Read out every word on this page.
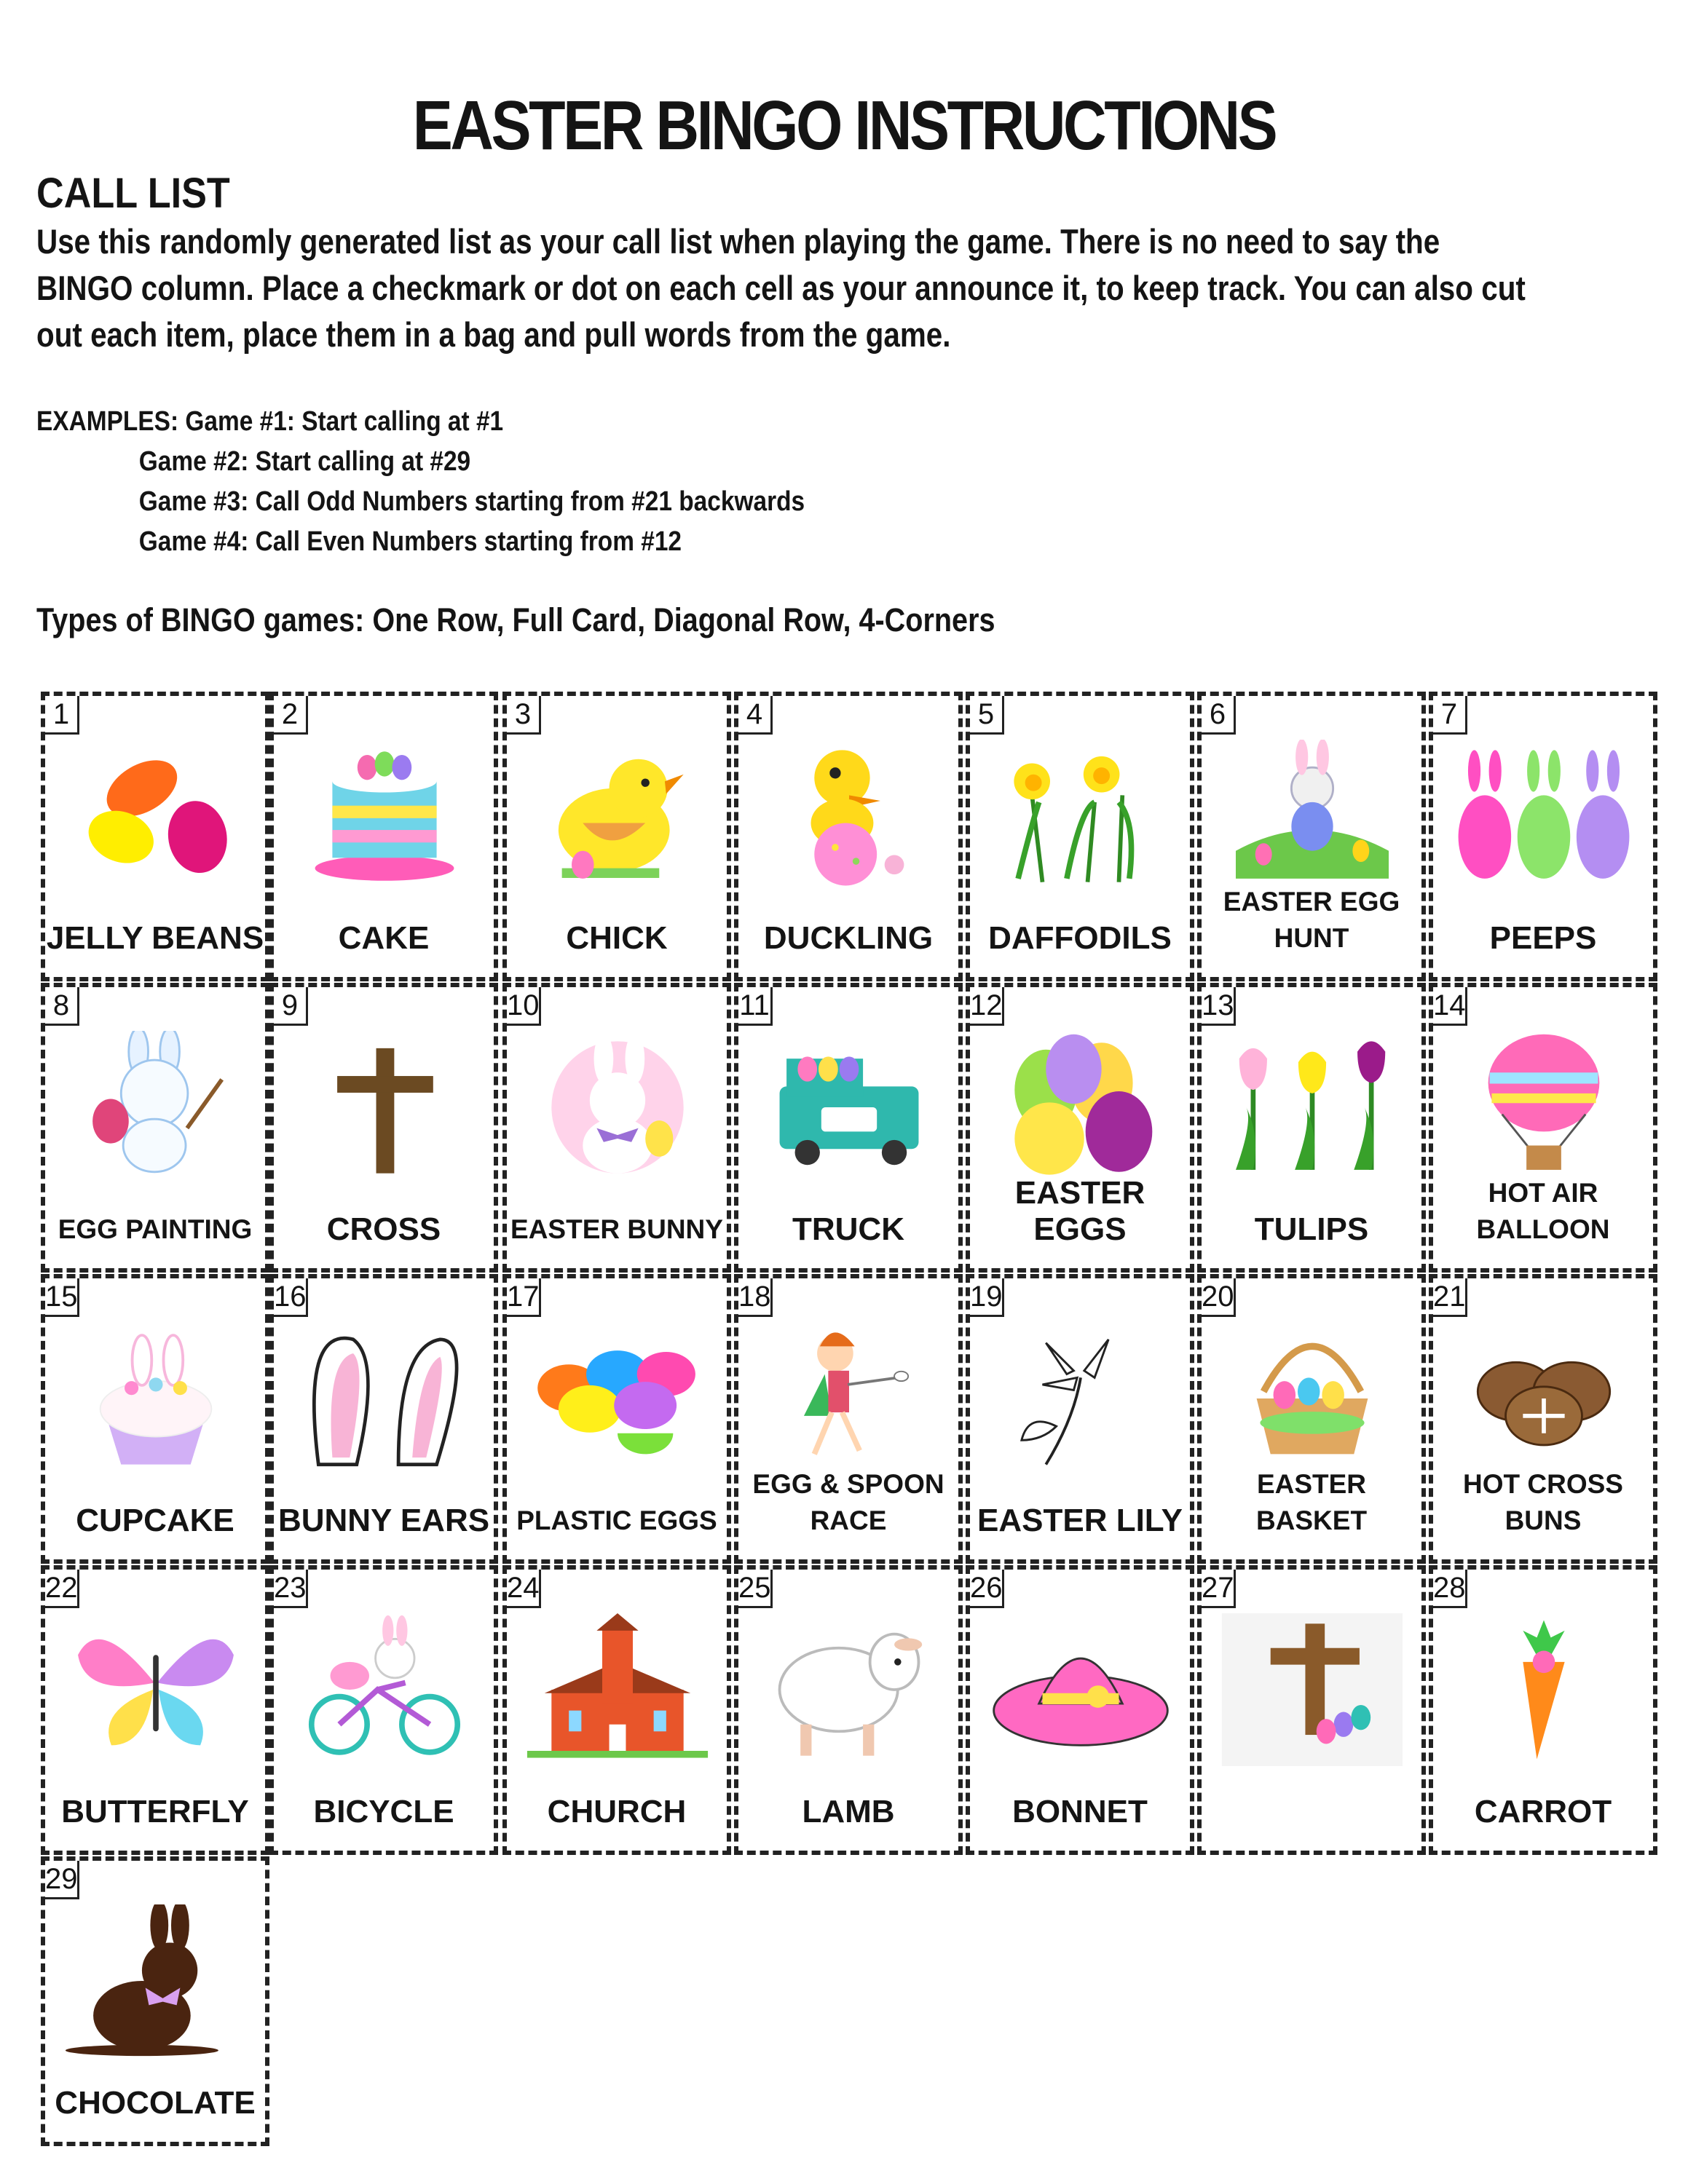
EASTER BINGO INSTRUCTIONS
CALL LIST

Use this randomly generated list as your call list when playing the game. There is no need to say the BINGO column. Place a checkmark or dot on each cell as your announce it, to keep track. You can also cut out each item, place them in a bag and pull words from the game.

EXAMPLES: Game #1: Start calling at #1
Game #2: Start calling at #29
Game #3: Call Odd Numbers starting from #21 backwards
Game #4: Call Even Numbers starting from #12

Types of BINGO games: One Row, Full Card, Diagonal Row, 4-Corners

1
JELLY BEANS
2
CAKE
3
CHICK
4
DUCKLING
5
DAFFODILS
6
EASTER EGG HUNT
7
PEEPS
8
EGG PAINTING
9
CROSS
10
EASTER BUNNY
11
TRUCK
12
EASTER EGGS
13
TULIPS
14
HOT AIR BALLOON
15
CUPCAKE
16
BUNNY EARS
17
PLASTIC EGGS
18
EGG & SPOON RACE
19
EASTER LILY
20
EASTER BASKET
21
HOT CROSS BUNS
22
BUTTERFLY
23
BICYCLE
24
CHURCH
25
LAMB
26
BONNET
27	28
CARROT
29
CHOCOLATE
